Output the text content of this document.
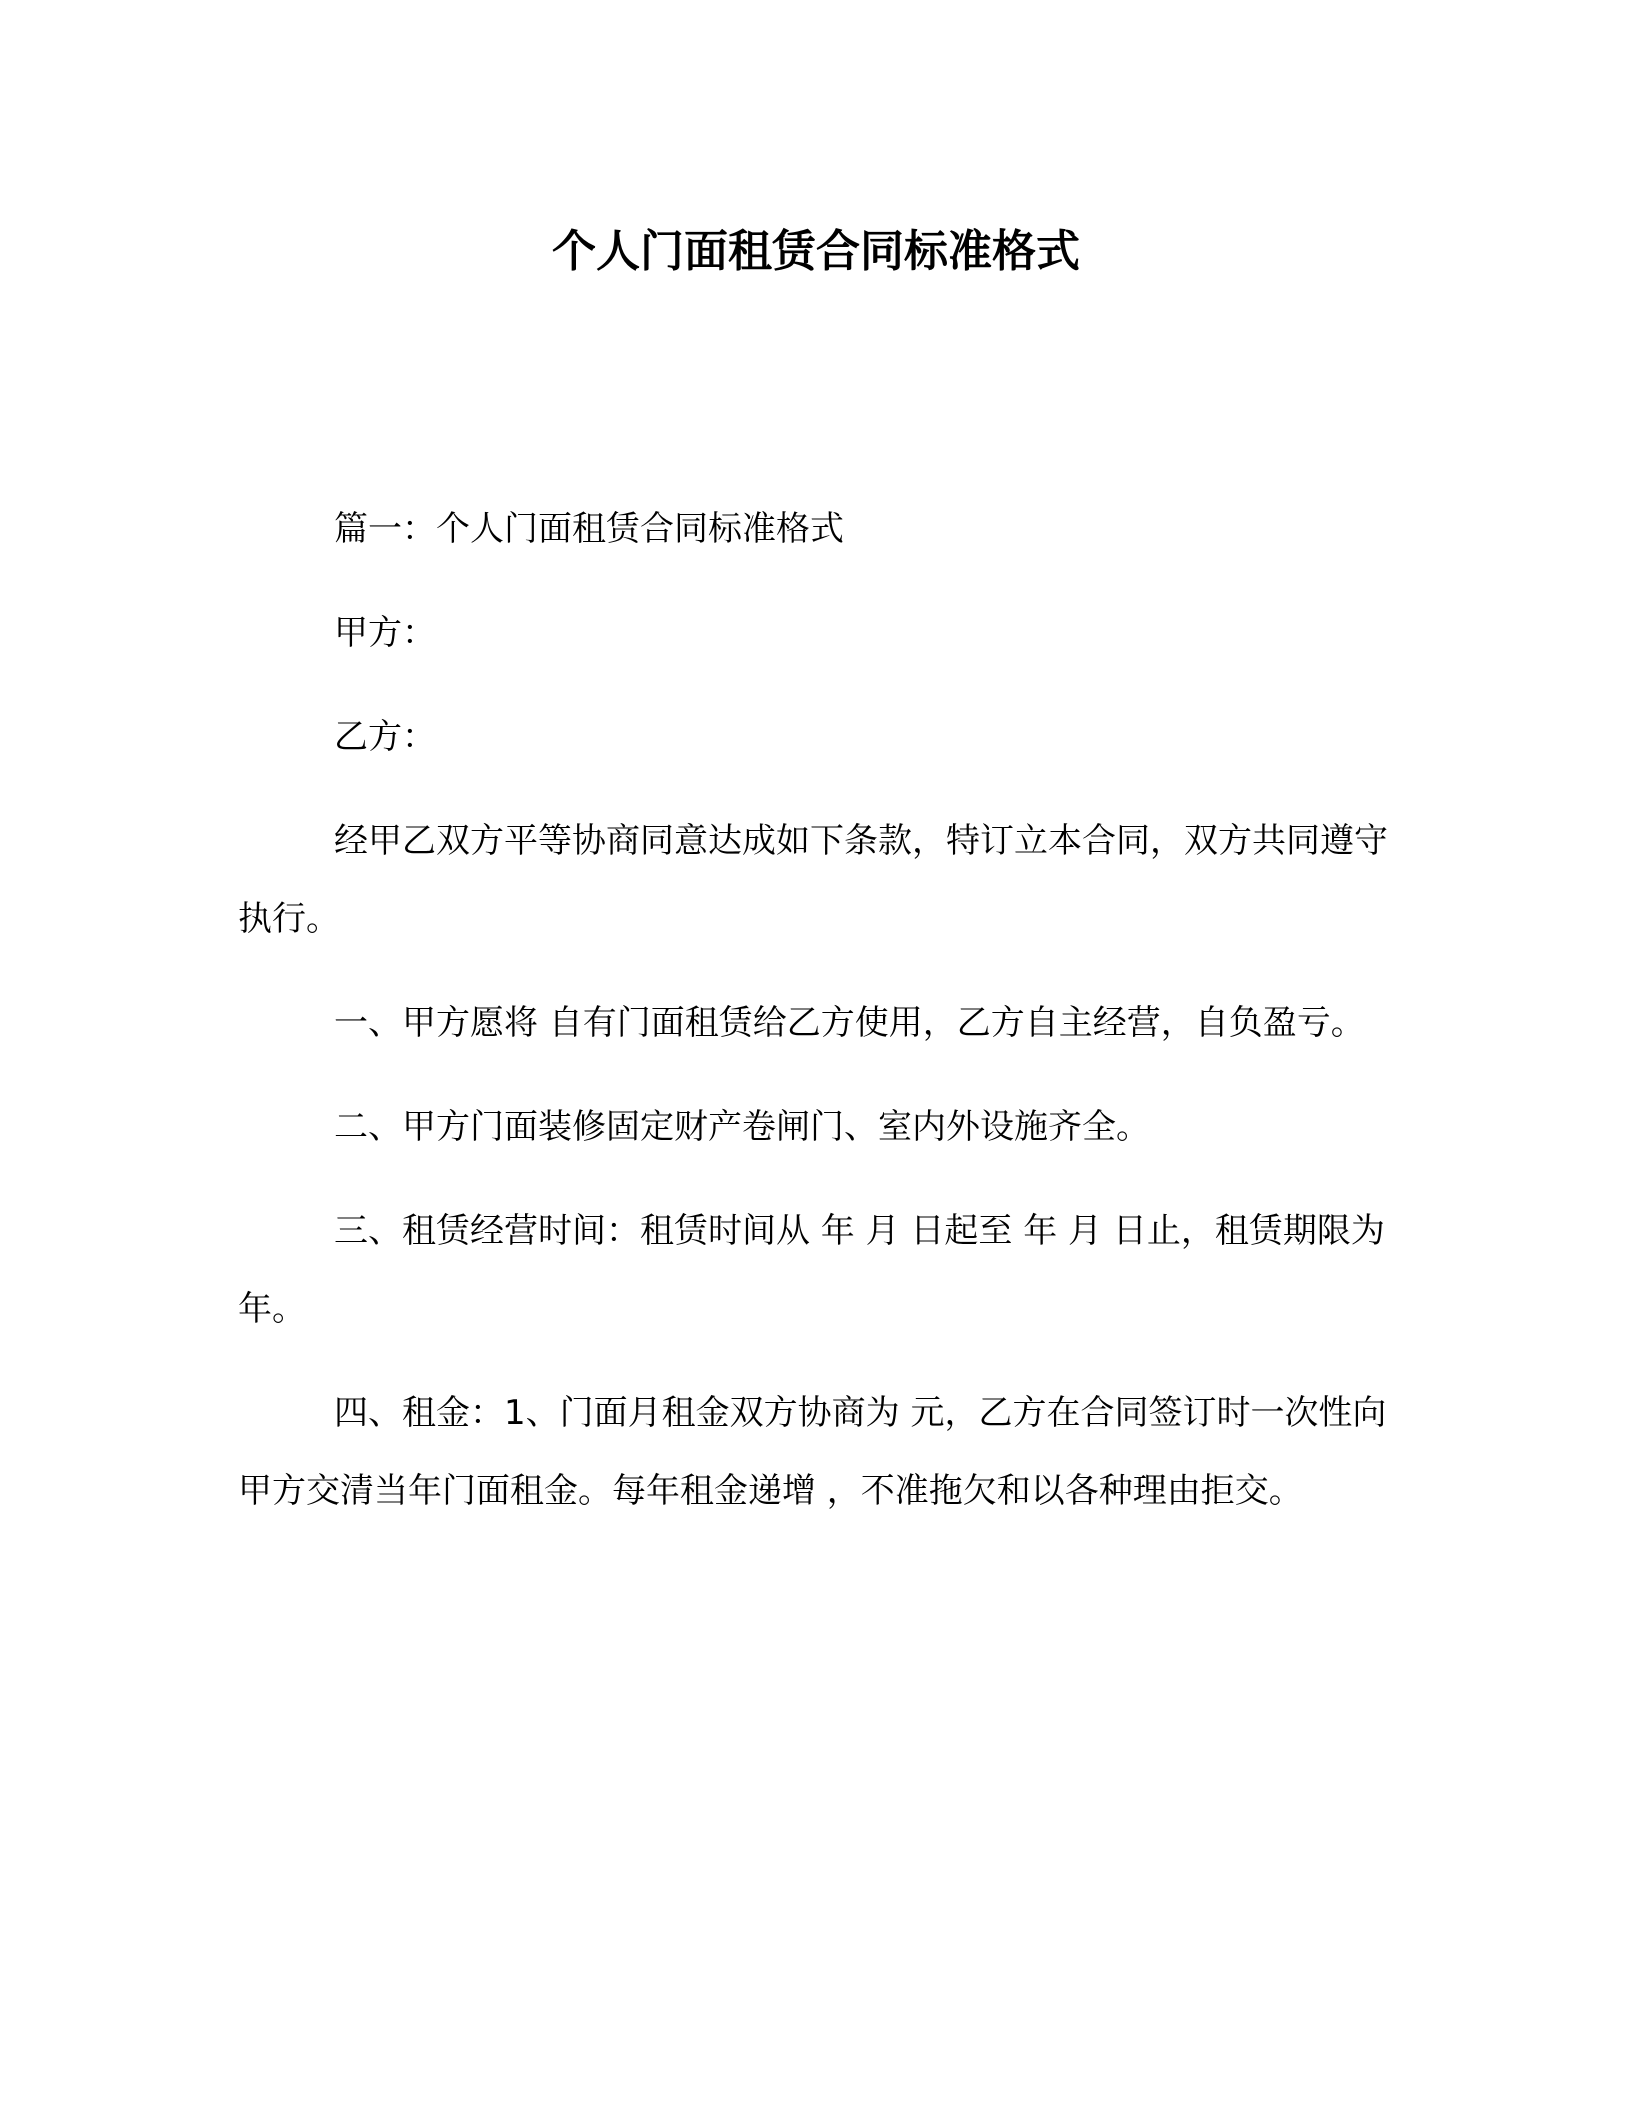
个人门面租赁合同标准格式

篇一：个人门面租赁合同标准格式

甲方：

乙方：

经甲乙双方平等协商同意达成如下条款，特订立本合同，双方共同遵守执行。

一、甲方愿将 自有门面租赁给乙方使用，乙方自主经营，自负盈亏。

二、甲方门面装修固定财产卷闸门、室内外设施齐全。

三、租赁经营时间：租赁时间从 年 月 日起至 年 月 日止，租赁期限为 年。

四、租金：1、门面月租金双方协商为 元，乙方在合同签订时一次性向甲方交清当年门面租金。每年租金递增 ，不准拖欠和以各种理由拒交。
